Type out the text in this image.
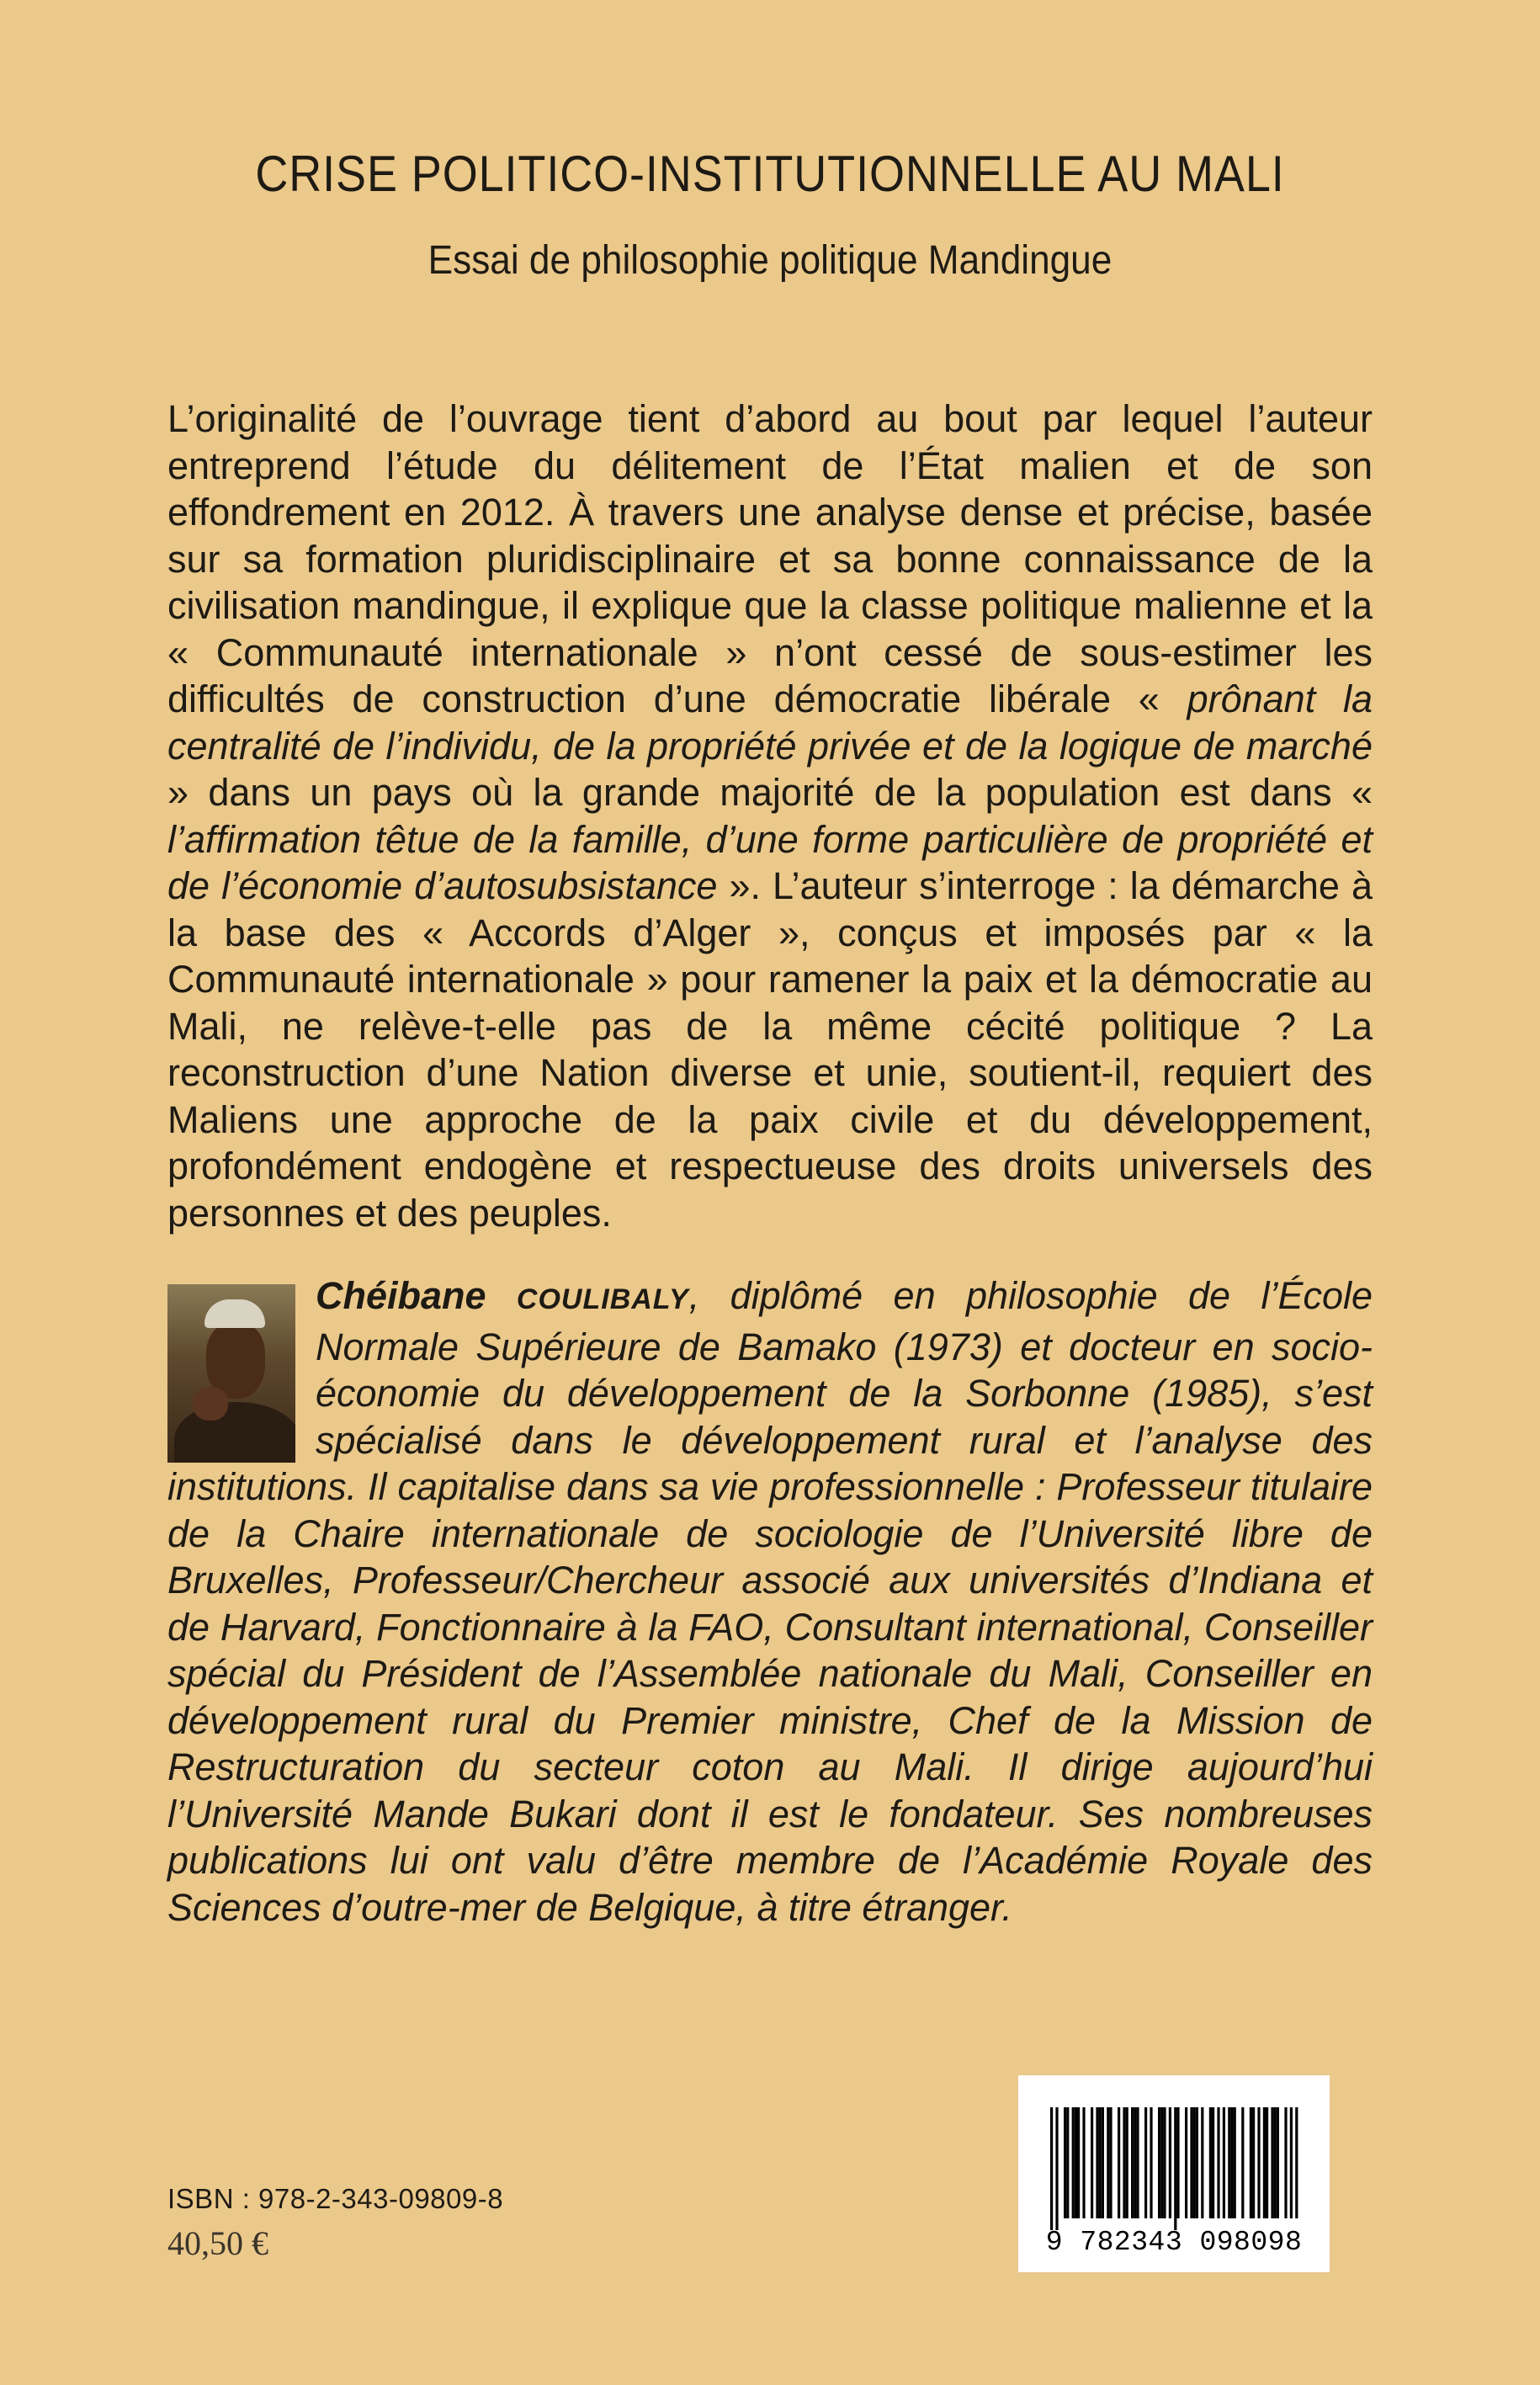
CRISE POLITICO-INSTITUTIONNELLE AU MALI
Essai de philosophie politique Mandingue

L’originalité de l’ouvrage tient d’abord au bout par lequel l’auteur entreprend l’étude du délitement de l’État malien et de son effondrement en 2012. À travers une analyse dense et précise, basée sur sa formation pluridisciplinaire et sa bonne connaissance de la civilisation mandingue, il explique que la classe politique malienne et la « Communauté internationale » n’ont cessé de sous-estimer les difficultés de construction d’une démocratie libérale « prônant la centralité de l’individu, de la propriété privée et de la logique de marché » dans un pays où la grande majorité de la population est dans « l’affirmation têtue de la famille, d’une forme particulière de propriété et de l’économie d’autosubsistance ». L’auteur s’interroge : la démarche à la base des « Accords d’Alger », conçus et imposés par « la Communauté internationale » pour ramener la paix et la démocratie au Mali, ne relève-t-elle pas de la même cécité politique ? La reconstruction d’une Nation diverse et unie, soutient-il, requiert des Maliens une approche de la paix civile et du développement, profondément endogène et respectueuse des droits universels des personnes et des peuples.

Chéibane COULIBALY, diplômé en philosophie de l’École Normale Supérieure de Bamako (1973) et docteur en socio-économie du développement de la Sorbonne (1985), s’est spécialisé dans le développement rural et l’analyse des institutions. Il capitalise dans sa vie professionnelle : Professeur titulaire de la Chaire internationale de sociologie de l’Université libre de Bruxelles, Professeur/Chercheur associé aux universités d’Indiana et de Harvard, Fonctionnaire à la FAO, Consultant international, Conseiller spécial du Président de l’Assemblée nationale du Mali, Conseiller en développement rural du Premier ministre, Chef de la Mission de Restructuration du secteur coton au Mali. Il dirige aujourd’hui l’Université Mande Bukari dont il est le fondateur. Ses nombreuses publications lui ont valu d’être membre de l’Académie Royale des Sciences d’outre-mer de Belgique, à titre étranger.

9 782343 098098
ISBN : 978-2-343-09809-8
40,50 €
